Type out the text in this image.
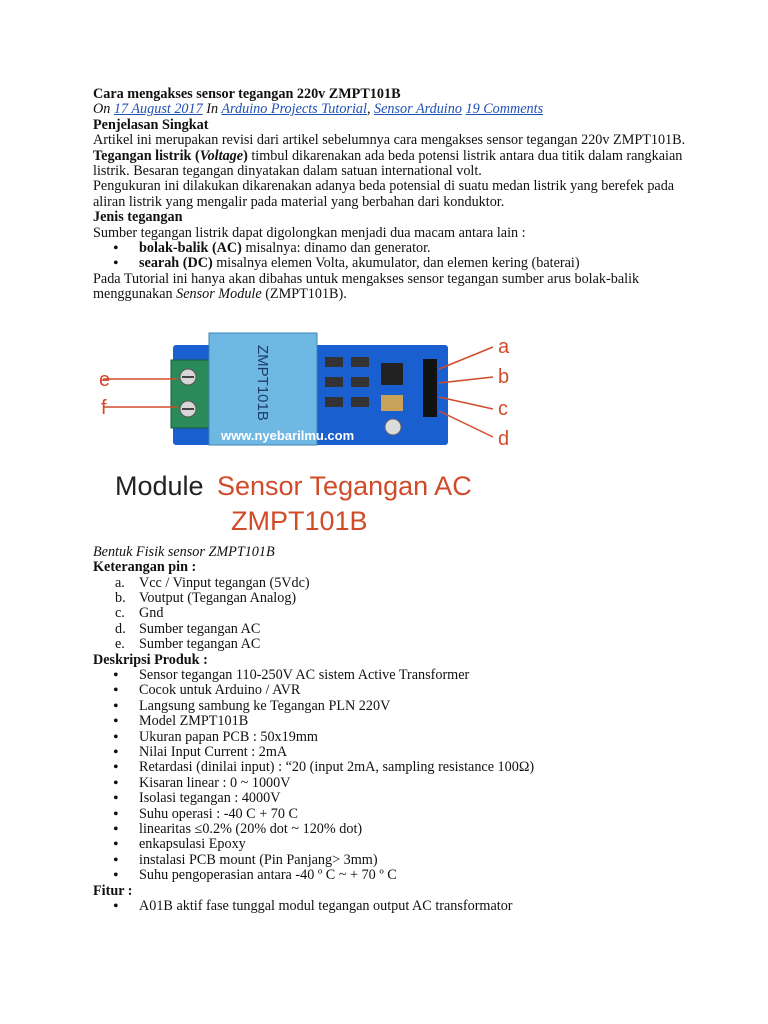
Cara mengakses sensor tegangan 220v ZMPT101B

On 17 August 2017 In Arduino Projects Tutorial, Sensor Arduino 19 Comments

Penjelasan Singkat

Artikel ini merupakan revisi dari artikel sebelumnya cara mengakses sensor tegangan 220v ZMPT101B.

Tegangan listrik (Voltage) timbul dikarenakan ada beda potensi listrik antara dua titik dalam rangkaian listrik. Besaran tegangan dinyatakan dalam satuan international volt.

Pengukuran ini dilakukan dikarenakan adanya beda potensial di suatu medan listrik yang berefek pada aliran listrik yang mengalir pada material yang berbahan dari konduktor.

Jenis tegangan

Sumber tegangan listrik dapat digolongkan menjadi dua macam antara lain :

• bolak-balik (AC) misalnya: dinamo dan generator.
• searah (DC) misalnya elemen Volta, akumulator, dan elemen kering (baterai)

Pada Tutorial ini hanya akan dibahas untuk mengakses sensor tegangan sumber arus bolak-balik menggunakan Sensor Module (ZMPT101B).

ZMPT101B
www.nyebarilmu.com
a
b
c
d
e
f
Module Sensor Tegangan AC
ZMPT101B

Bentuk Fisik sensor ZMPT101B

Keterangan pin :

a. Vcc / Vinput tegangan (5Vdc)
b. Voutput (Tegangan Analog)
c. Gnd
d. Sumber tegangan AC
e. Sumber tegangan AC

Deskripsi Produk :

• Sensor tegangan 110-250V AC sistem Active Transformer
• Cocok untuk Arduino / AVR
• Langsung sambung ke Tegangan PLN 220V
• Model ZMPT101B
• Ukuran papan PCB : 50x19mm
• Nilai Input Current : 2mA
• Retardasi (dinilai input) : “20 (input 2mA, sampling resistance 100Ω)
• Kisaran linear : 0 ~ 1000V
• Isolasi tegangan : 4000V
• Suhu operasi : -40 C + 70 C
• linearitas ≤0.2% (20% dot ~ 120% dot)
• enkapsulasi Epoxy
• instalasi PCB mount (Pin Panjang> 3mm)
• Suhu pengoperasian antara -40 º C ~ + 70 º C

Fitur :

• A01B aktif fase tunggal modul tegangan output AC transformator
